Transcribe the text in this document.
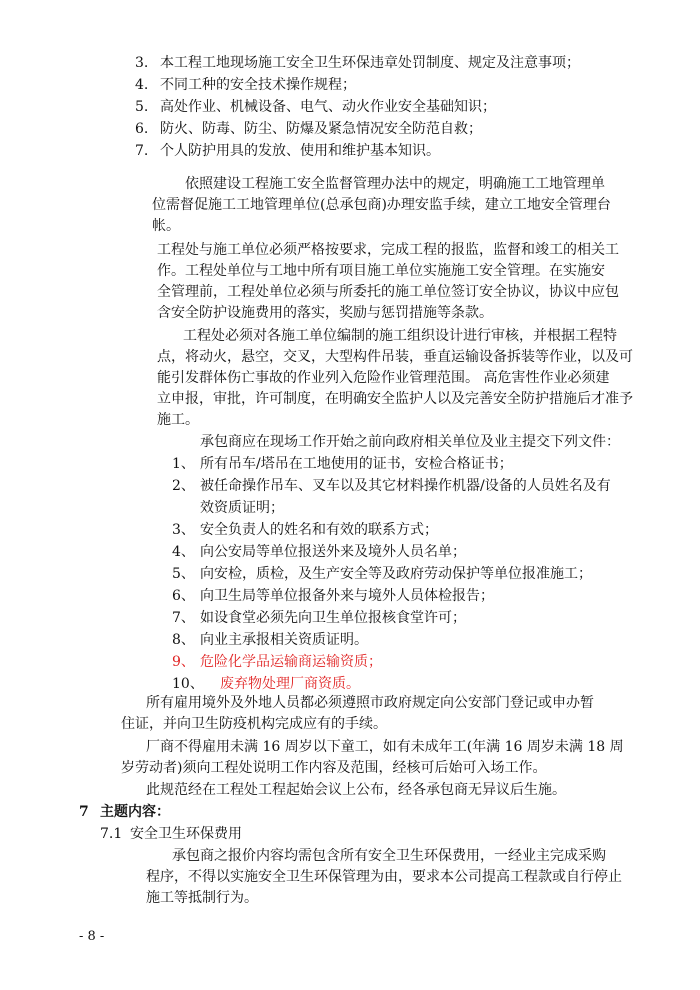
3. 本工程工地现场施工安全卫生环保违章处罚制度、规定及注意事项；
4. 不同工种的安全技术操作规程；
5. 高处作业、机械设备、电气、动火作业安全基础知识；
6. 防火、防毒、防尘、防爆及紧急情况安全防范自救；
7. 个人防护用具的发放、使用和维护基本知识。
依照建设工程施工安全监督管理办法中的规定，明确施工工地管理单
位需督促施工工地管理单位(总承包商)办理安监手续，建立工地安全管理台
帐。
工程处与施工单位必须严格按要求，完成工程的报监，监督和竣工的相关工
作。工程处单位与工地中所有项目施工单位实施施工安全管理。在实施安
全管理前，工程处单位必须与所委托的施工单位签订安全协议，协议中应包
含安全防护设施费用的落实，奖励与惩罚措施等条款。
工程处必须对各施工单位编制的施工组织设计进行审核，并根据工程特
点，将动火，悬空，交叉，大型构件吊装，垂直运输设备拆装等作业，以及可
能引发群体伤亡事故的作业列入危险作业管理范围。 高危害性作业必须建
立申报，审批，许可制度，在明确安全监护人以及完善安全防护措施后才准予
施工。
承包商应在现场工作开始之前向政府相关单位及业主提交下列文件：
1、 所有吊车/塔吊在工地使用的证书，安检合格证书；
2、 被任命操作吊车、叉车以及其它材料操作机器/设备的人员姓名及有
效资质证明；
3、 安全负责人的姓名和有效的联系方式；
4、 向公安局等单位报送外来及境外人员名单；
5、 向安检，质检，及生产安全等及政府劳动保护等单位报准施工；
6、 向卫生局等单位报备外来与境外人员体检报告；
7、 如设食堂必须先向卫生单位报核食堂许可；
8、 向业主承报相关资质证明。
9、 危险化学品运输商运输资质；
10、 废弃物处理厂商资质。
所有雇用境外及外地人员都必须遵照市政府规定向公安部门登记或申办暂
住证，并向卫生防疫机构完成应有的手续。
厂商不得雇用未满 16 周岁以下童工，如有未成年工(年满 16 周岁未满 18 周
岁劳动者)须向工程处说明工作内容及范围，经核可后始可入场工作。
此规范经在工程处工程起始会议上公布，经各承包商无异议后生施。
7 主题内容：
7.1 安全卫生环保费用
承包商之报价内容均需包含所有安全卫生环保费用，一经业主完成采购
程序，不得以实施安全卫生环保管理为由，要求本公司提高工程款或自行停止
施工等抵制行为。
- 8 -
